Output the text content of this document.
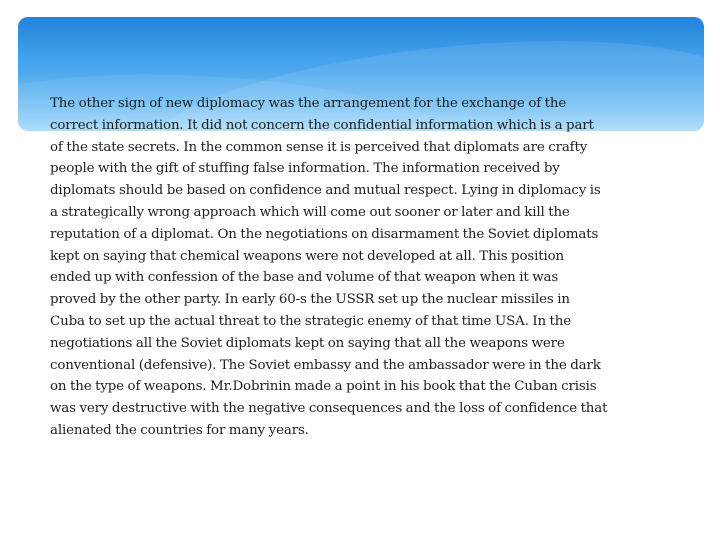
The other sign of new diplomacy was the arrangement for the exchange of the
correct information. It did not concern the confidential information which is a part
of the state secrets. In the common sense it is perceived that diplomats are crafty
people with the gift of stuffing false information. The information received by
diplomats should be based on confidence and mutual respect. Lying in diplomacy is
a strategically wrong approach which will come out sooner or later and kill the
reputation of a diplomat. On the negotiations on disarmament the Soviet diplomats
kept on saying that chemical weapons were not developed at all. This position
ended up with confession of the base and volume of that weapon when it was
proved by the other party. In early 60-s the USSR set up the nuclear missiles in
Cuba to set up the actual threat to the strategic enemy of that time USA. In the
negotiations all the Soviet diplomats kept on saying that all the weapons were
conventional (defensive). The Soviet embassy and the ambassador were in the dark
on the type of weapons. Mr.Dobrinin made a point in his book that the Cuban crisis
was very destructive with the negative consequences and the loss of confidence that
alienated the countries for many years.
